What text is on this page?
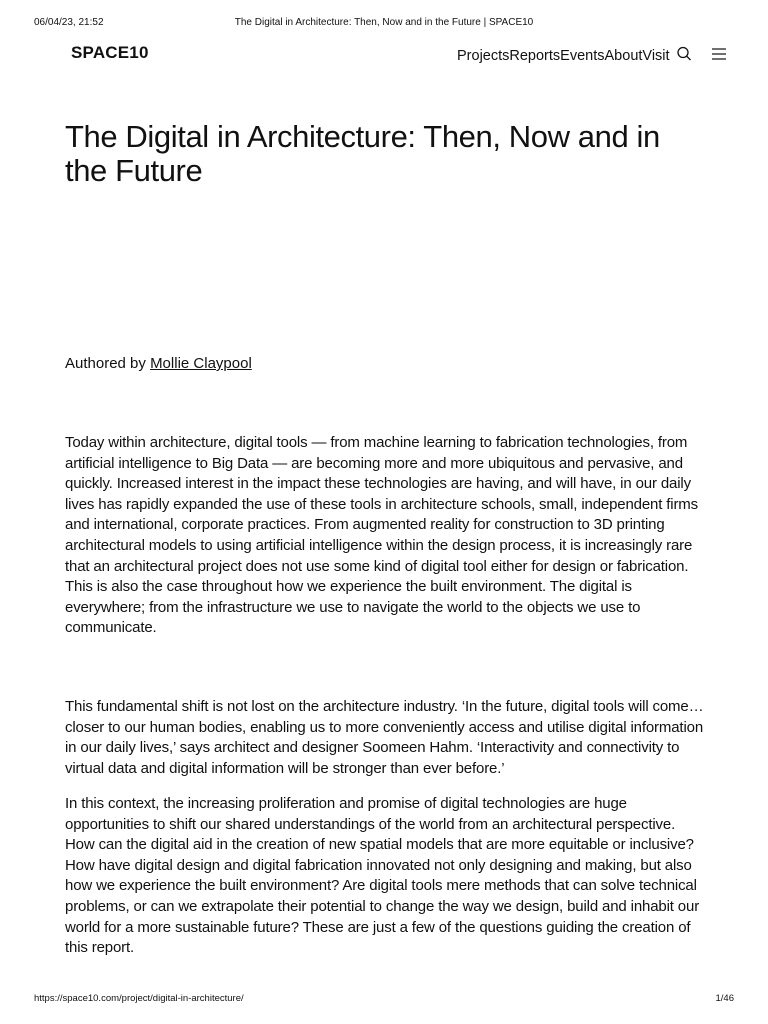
06/04/23, 21:52	The Digital in Architecture: Then, Now and in the Future | SPACE10
SPACE10	Projects Reports Events About Visit
The Digital in Architecture: Then, Now and in the Future
Authored by Mollie Claypool

Today within architecture, digital tools — from machine learning to fabrication technologies, from artificial intelligence to Big Data — are becoming more and more ubiquitous and pervasive, and quickly. Increased interest in the impact these technologies are having, and will have, in our daily lives has rapidly expanded the use of these tools in architecture schools, small, independent firms and international, corporate practices. From augmented reality for construction to 3D printing architectural models to using artificial intelligence within the design process, it is increasingly rare that an architectural project does not use some kind of digital tool either for design or fabrication. This is also the case throughout how we experience the built environment. The digital is everywhere; from the infrastructure we use to navigate the world to the objects we use to communicate.

This fundamental shift is not lost on the architecture industry. ‘In the future, digital tools will come… closer to our human bodies, enabling us to more conveniently access and utilise digital information in our daily lives,’ says architect and designer Soomeen Hahm. ‘Interactivity and connectivity to virtual data and digital information will be stronger than ever before.’

In this context, the increasing proliferation and promise of digital technologies are huge opportunities to shift our shared understandings of the world from an architectural perspective. How can the digital aid in the creation of new spatial models that are more equitable or inclusive? How have digital design and digital fabrication innovated not only designing and making, but also how we experience the built environment? Are digital tools mere methods that can solve technical problems, or can we extrapolate their potential to change the way we design, build and inhabit our world for a more sustainable future? These are just a few of the questions guiding the creation of this report.

https://space10.com/project/digital-in-architecture/	1/46
